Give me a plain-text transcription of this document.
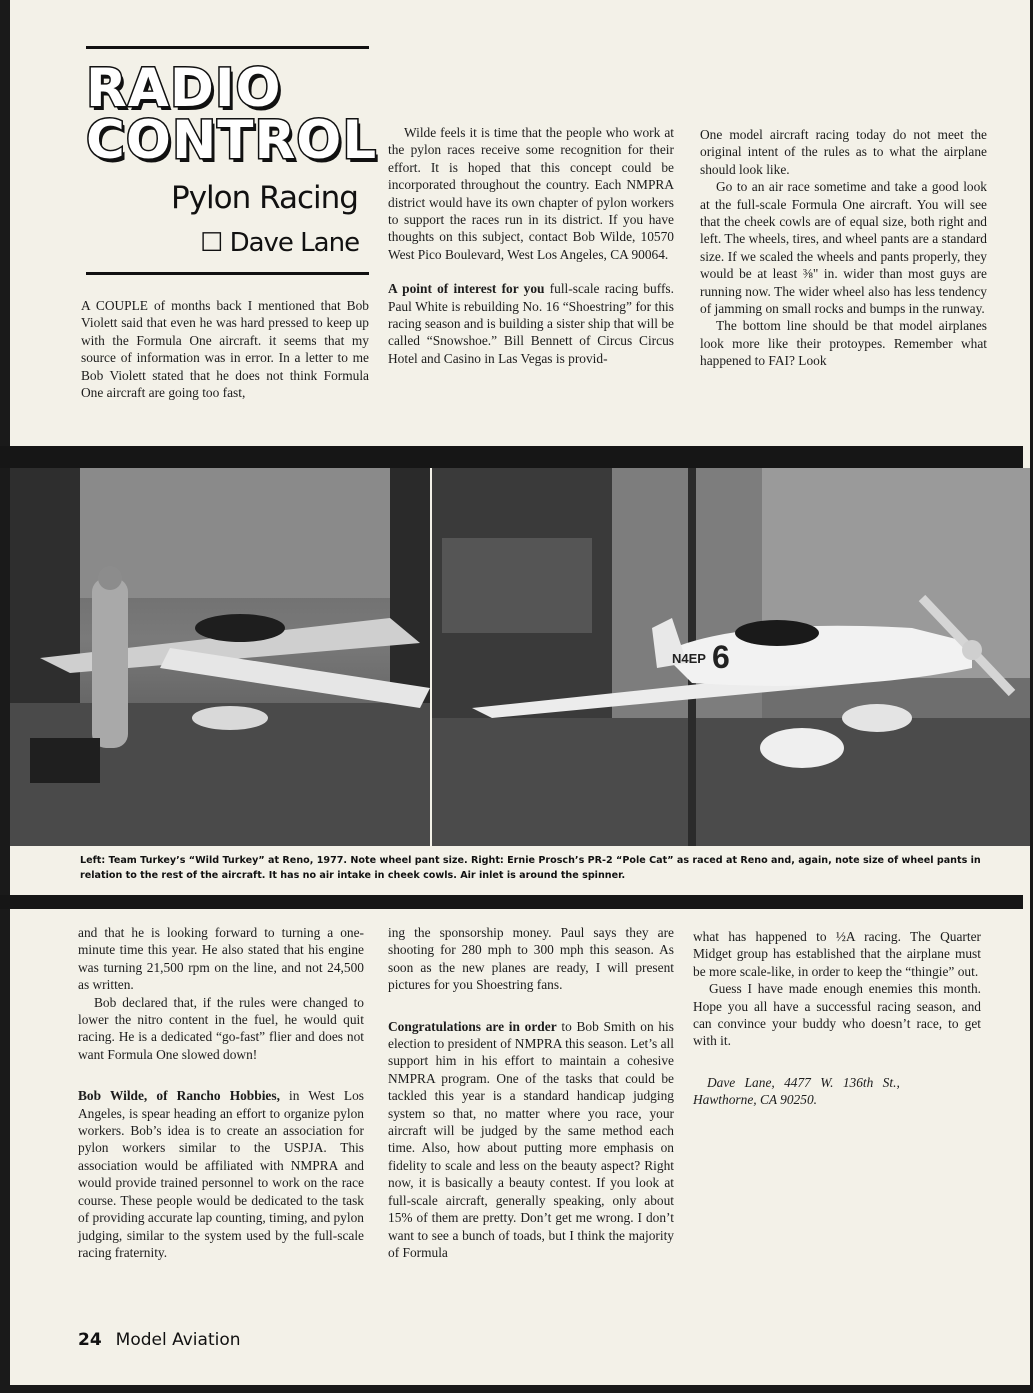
RADIO
CONTROL
Pylon Racing
☐ Dave Lane

A COUPLE of months back I mentioned that Bob Violett said that even he was hard pressed to keep up with the Formula One aircraft. it seems that my source of information was in error. In a letter to me Bob Violett stated that he does not think Formula One aircraft are going too fast,

Wilde feels it is time that the people who work at the pylon races receive some recognition for their effort. It is hoped that this concept could be incorporated throughout the country. Each NMPRA district would have its own chapter of pylon workers to support the races run in its district. If you have thoughts on this subject, contact Bob Wilde, 10570 West Pico Boulevard, West Los Angeles, CA 90064.

A point of interest for you full-scale racing buffs. Paul White is rebuilding No. 16 “Shoestring” for this racing season and is building a sister ship that will be called “Snowshoe.” Bill Bennett of Circus Circus Hotel and Casino in Las Vegas is provid-

One model aircraft racing today do not meet the original intent of the rules as to what the airplane should look like.

Go to an air race sometime and take a good look at the full-scale Formula One aircraft. You will see that the cheek cowls are of equal size, both right and left. The wheels, tires, and wheel pants are a standard size. If we scaled the wheels and pants properly, they would be at least ⅜" in. wider than most guys are running now. The wider wheel also has less tendency of jamming on small rocks and bumps in the runway.

The bottom line should be that model airplanes look more like their protoypes. Remember what happened to FAI? Look

N4EP 6
Left: Team Turkey’s “Wild Turkey” at Reno, 1977. Note wheel pant size. Right: Ernie Prosch’s PR-2 “Pole Cat” as raced at Reno and, again, note size of wheel pants in relation to the rest of the aircraft. It has no air intake in cheek cowls. Air inlet is around the spinner.

and that he is looking forward to turning a one-minute time this year. He also stated that his engine was turning 21,500 rpm on the line, and not 24,500 as written.

Bob declared that, if the rules were changed to lower the nitro content in the fuel, he would quit racing. He is a dedicated “go-fast” flier and does not want Formula One slowed down!

Bob Wilde, of Rancho Hobbies, in West Los Angeles, is spear heading an effort to organize pylon workers. Bob’s idea is to create an association for pylon workers similar to the USPJA. This association would be affiliated with NMPRA and would provide trained personnel to work on the race course. These people would be dedicated to the task of providing accurate lap counting, timing, and pylon judging, similar to the system used by the full-scale racing fraternity.

ing the sponsorship money. Paul says they are shooting for 280 mph to 300 mph this season. As soon as the new planes are ready, I will present pictures for you Shoestring fans.

Congratulations are in order to Bob Smith on his election to president of NMPRA this season. Let’s all support him in his effort to maintain a cohesive NMPRA program. One of the tasks that could be tackled this year is a standard handicap judging system so that, no matter where you race, your aircraft will be judged by the same method each time. Also, how about putting more emphasis on fidelity to scale and less on the beauty aspect? Right now, it is basically a beauty contest. If you look at full-scale aircraft, generally speaking, only about 15% of them are pretty. Don’t get me wrong. I don’t want to see a bunch of toads, but I think the majority of Formula

what has happened to ½A racing. The Quarter Midget group has established that the airplane must be more scale-like, in order to keep the “thingie” out.

Guess I have made enough enemies this month. Hope you all have a successful racing season, and can convince your buddy who doesn’t race, to get with it.

Dave Lane, 4477 W. 136th St.,

Hawthorne, CA 90250.

24 Model Aviation
